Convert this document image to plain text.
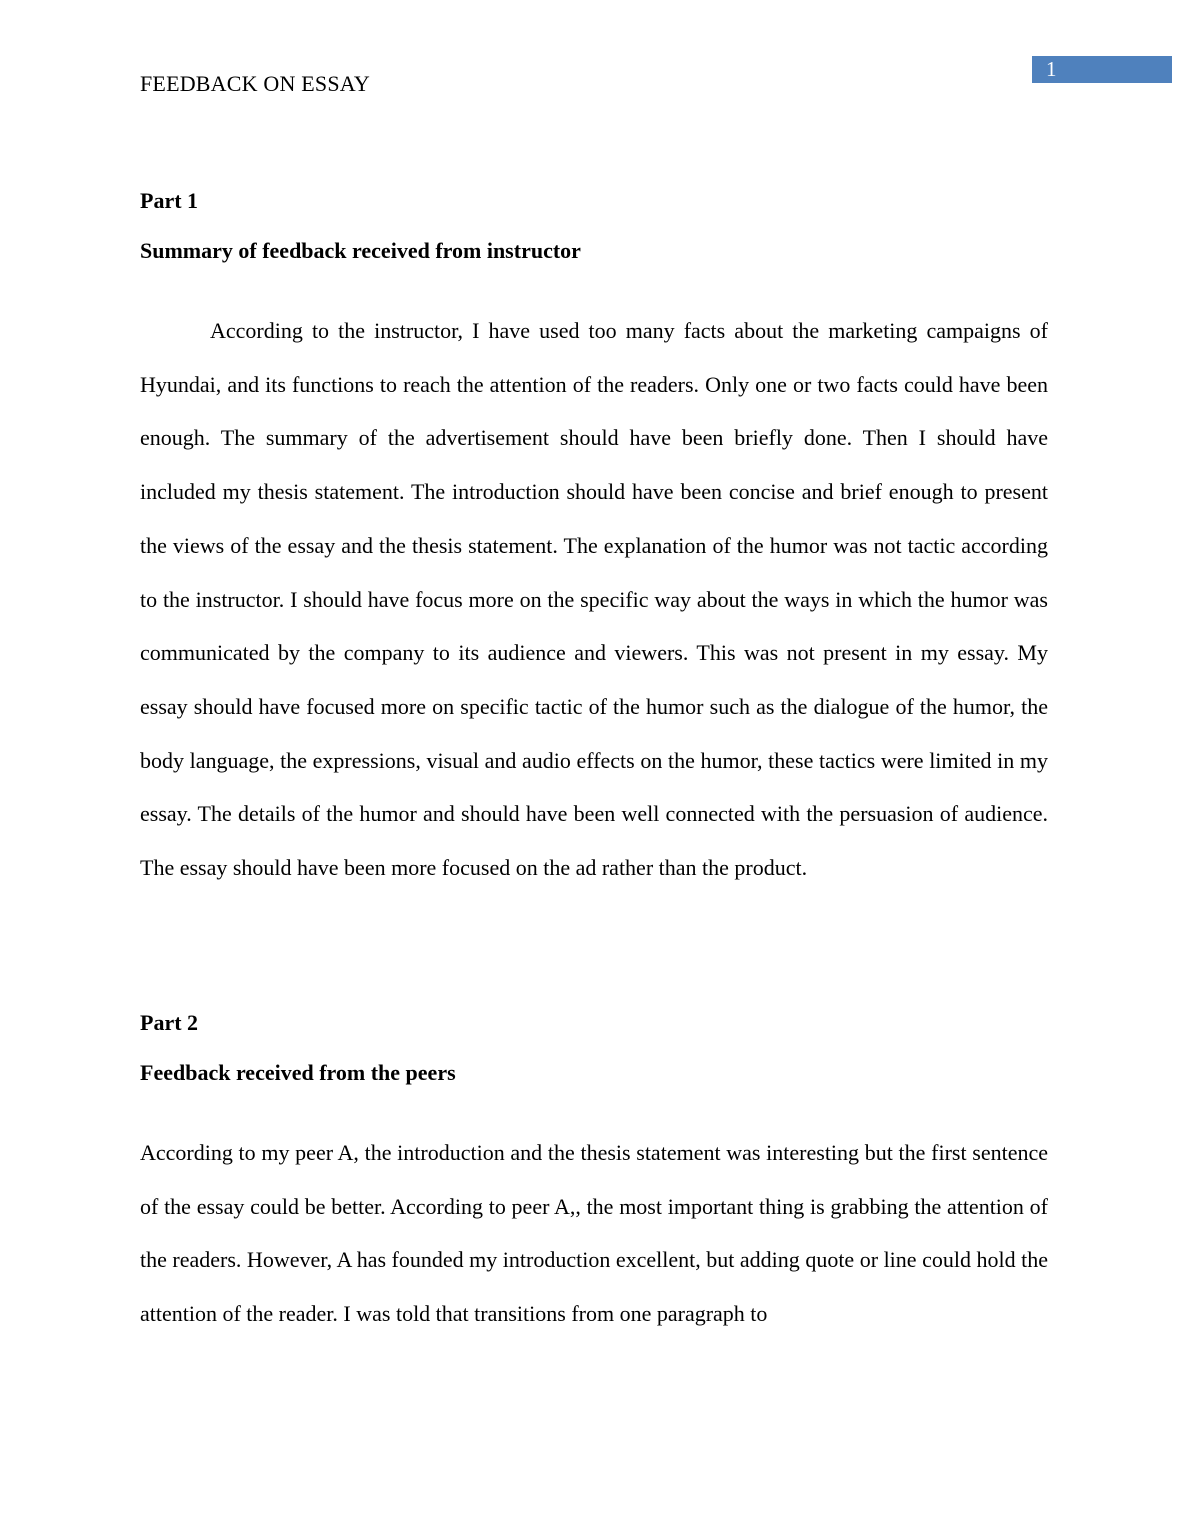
1
FEEDBACK ON ESSAY
Part 1
Summary of feedback received from instructor

According to the instructor, I have used too many facts about the marketing campaigns of Hyundai, and its functions to reach the attention of the readers. Only one or two facts could have been enough. The summary of the advertisement should have been briefly done. Then I should have included my thesis statement. The introduction should have been concise and brief enough to present the views of the essay and the thesis statement. The explanation of the humor was not tactic according to the instructor. I should have focus more on the specific way about the ways in which the humor was communicated by the company to its audience and viewers. This was not present in my essay. My essay should have focused more on specific tactic of the humor such as the dialogue of the humor, the body language, the expressions, visual and audio effects on the humor, these tactics were limited in my essay. The details of the humor and should have been well connected with the persuasion of audience. The essay should have been more focused on the ad rather than the product.

Part 2
Feedback received from the peers

According to my peer A, the introduction and the thesis statement was interesting but the first sentence of the essay could be better. According to peer A,, the most important thing is grabbing the attention of the readers. However, A has founded my introduction excellent, but adding quote or line could hold the attention of the reader. I was told that transitions from one paragraph to
